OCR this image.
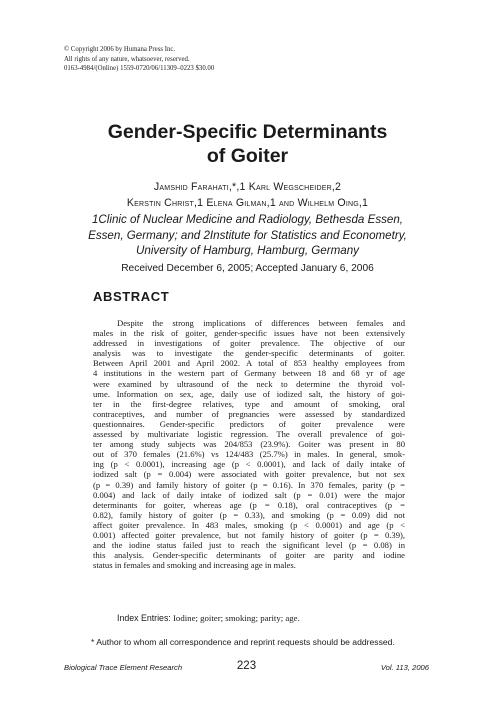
© Copyright 2006 by Humana Press Inc.
All rights of any nature, whatsoever, reserved.
0163-4984/(Online) 1559-0720/06/11309–0223 $30.00
Gender-Specific Determinants
of Goiter
Jamshid Farahati,*,1 Karl Wegscheider,2
Kerstin Christ,1 Elena Gilman,1 and Wilhelm Oing,1
1Clinic of Nuclear Medicine and Radiology, Bethesda Essen,
Essen, Germany; and 2Institute for Statistics and Econometry,
University of Hamburg, Hamburg, Germany
Received December 6, 2005; Accepted January 6, 2006
ABSTRACT
Despite the strong implications of differences between females and
males in the risk of goiter, gender-specific issues have not been extensively
addressed in investigations of goiter prevalence. The objective of our
analysis was to investigate the gender-specific determinants of goiter.
Between April 2001 and April 2002. A total of 853 healthy employees from
4 institutions in the western part of Germany between 18 and 68 yr of age
were examined by ultrasound of the neck to determine the thyroid vol-
ume. Information on sex, age, daily use of iodized salt, the history of goi-
ter in the first-degree relatives, type and amount of smoking, oral
contraceptives, and number of pregnancies were assessed by standardized
questionnaires. Gender-specific predictors of goiter prevalence were
assessed by multivariate logistic regression. The overall prevalence of goi-
ter among study subjects was 204/853 (23.9%). Goiter was present in 80
out of 370 females (21.6%) vs 124/483 (25.7%) in males. In general, smok-
ing (p < 0.0001), increasing age (p < 0.0001), and lack of daily intake of
iodized salt (p = 0.004) were associated with goiter prevalence, but not sex
(p = 0.39) and family history of goiter (p = 0.16). In 370 females, parity (p =
0.004) and lack of daily intake of iodized salt (p = 0.01) were the major
determinants for goiter, whereas age (p = 0.18), oral contraceptives (p =
0.82), family history of goiter (p = 0.33), and smoking (p = 0.09) did not
affect goiter prevalence. In 483 males, smoking (p < 0.0001) and age (p <
0.001) affected goiter prevalence, but not family history of goiter (p = 0.39),
and the iodine status failed just to reach the significant level (p = 0.08) in
this analysis. Gender-specific determinants of goiter are parity and iodine
status in females and smoking and increasing age in males.
Index Entries: Iodine; goiter; smoking; parity; age.
* Author to whom all correspondence and reprint requests should be addressed.
Biological Trace Element Research	223	Vol. 113, 2006
